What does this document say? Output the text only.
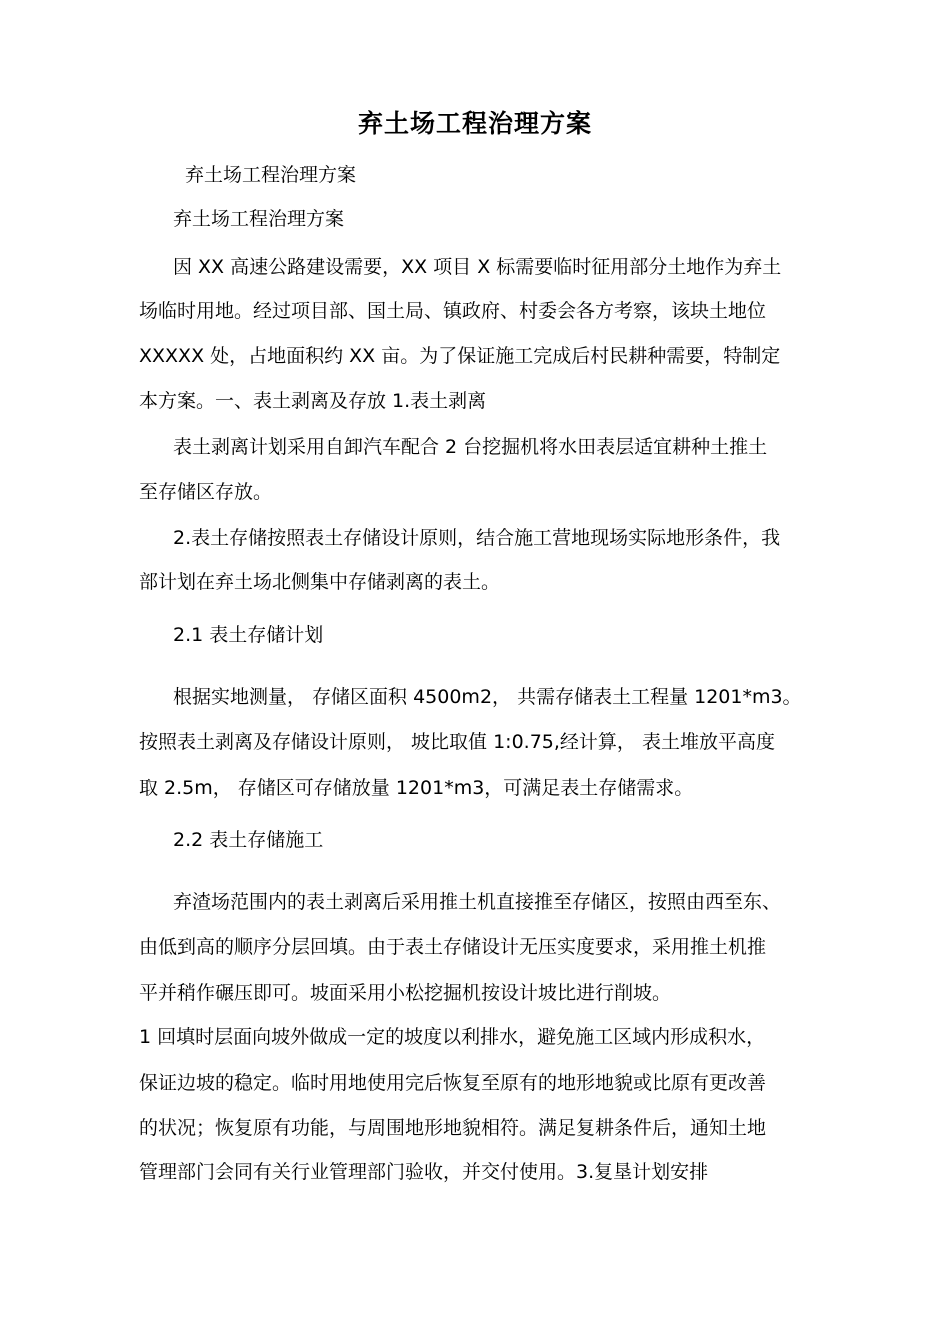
弃土场工程治理方案
弃土场工程治理方案
弃土场工程治理方案
因 XX 高速公路建设需要，XX 项目 X 标需要临时征用部分土地作为弃土
场临时用地。经过项目部、国土局、镇政府、村委会各方考察，该块土地位
XXXXX 处，占地面积约 XX 亩。为了保证施工完成后村民耕种需要，特制定
本方案。一、表土剥离及存放 1.表土剥离
表土剥离计划采用自卸汽车配合 2 台挖掘机将水田表层适宜耕种土推土
至存储区存放。
2.表土存储按照表土存储设计原则，结合施工营地现场实际地形条件，我
部计划在弃土场北侧集中存储剥离的表土。
2.1 表土存储计划
根据实地测量， 存储区面积 4500m2， 共需存储表土工程量 1201*m3。
按照表土剥离及存储设计原则， 坡比取值 1:0.75,经计算， 表土堆放平高度
取 2.5m， 存储区可存储放量 1201*m3，可满足表土存储需求。
2.2 表土存储施工
弃渣场范围内的表土剥离后采用推土机直接推至存储区，按照由西至东、
由低到高的顺序分层回填。由于表土存储设计无压实度要求，采用推土机推
平并稍作碾压即可。坡面采用小松挖掘机按设计坡比进行削坡。
1 回填时层面向坡外做成一定的坡度以利排水，避免施工区域内形成积水，
保证边坡的稳定。临时用地使用完后恢复至原有的地形地貌或比原有更改善
的状况；恢复原有功能，与周围地形地貌相符。满足复耕条件后，通知土地
管理部门会同有关行业管理部门验收，并交付使用。3.复垦计划安排
